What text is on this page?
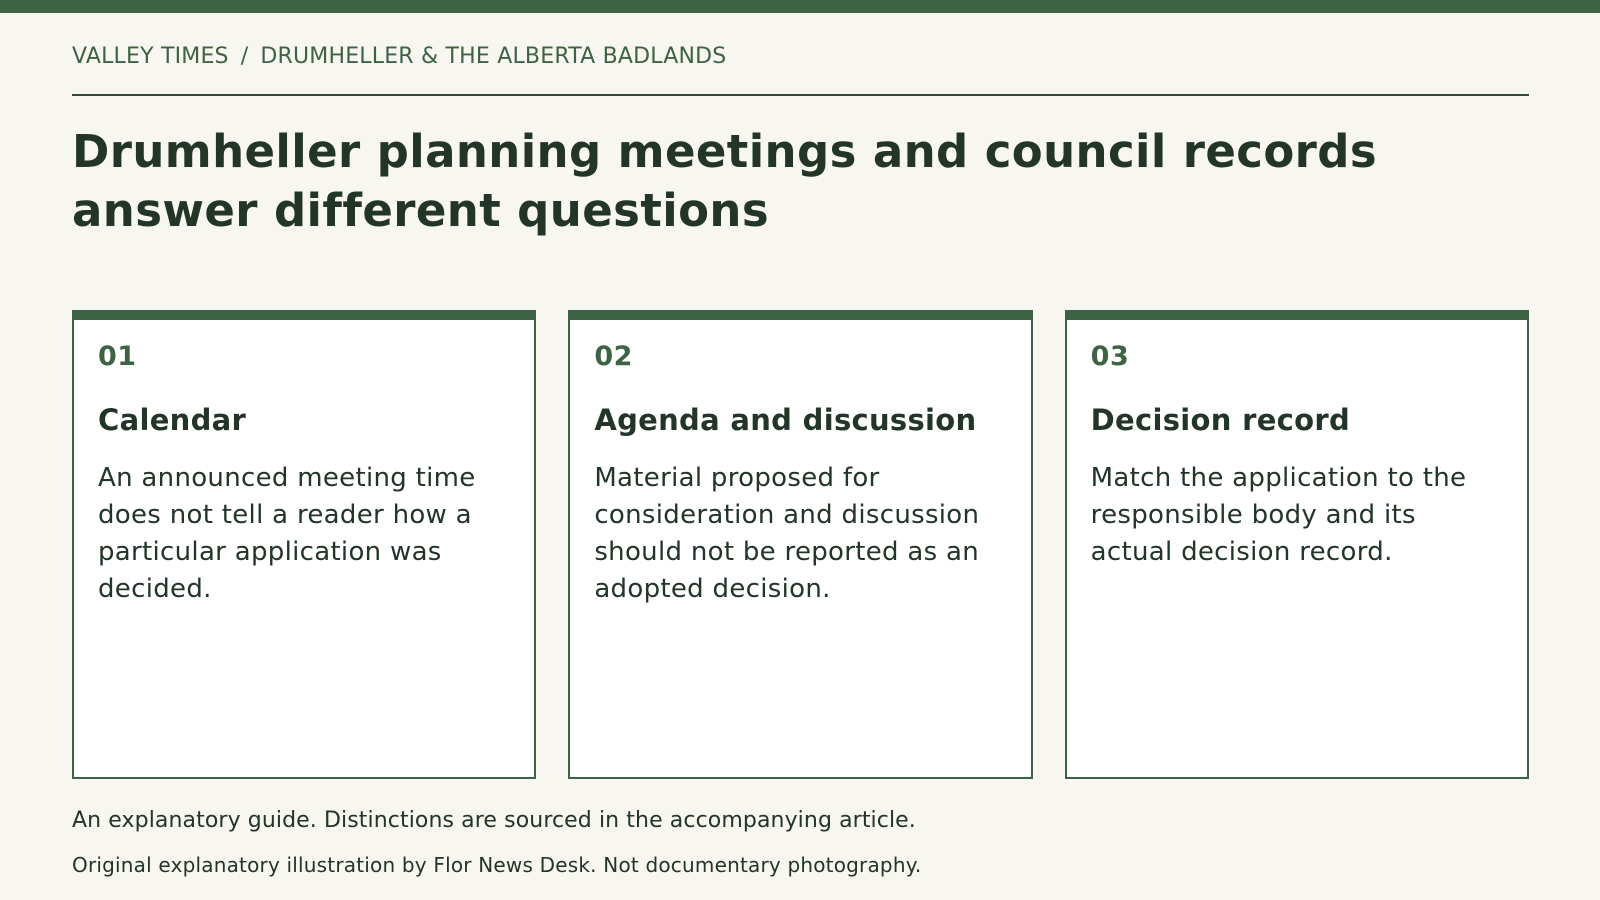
VALLEY TIMES / DRUMHELLER & THE ALBERTA BADLANDS
Drumheller planning meetings and council records answer different questions
01
Calendar
An announced meeting time does not tell a reader how a particular application was decided.
02
Agenda and discussion
Material proposed for consideration and discussion should not be reported as an adopted decision.
03
Decision record
Match the application to the responsible body and its actual decision record.
An explanatory guide. Distinctions are sourced in the accompanying article.
Original explanatory illustration by Flor News Desk. Not documentary photography.
